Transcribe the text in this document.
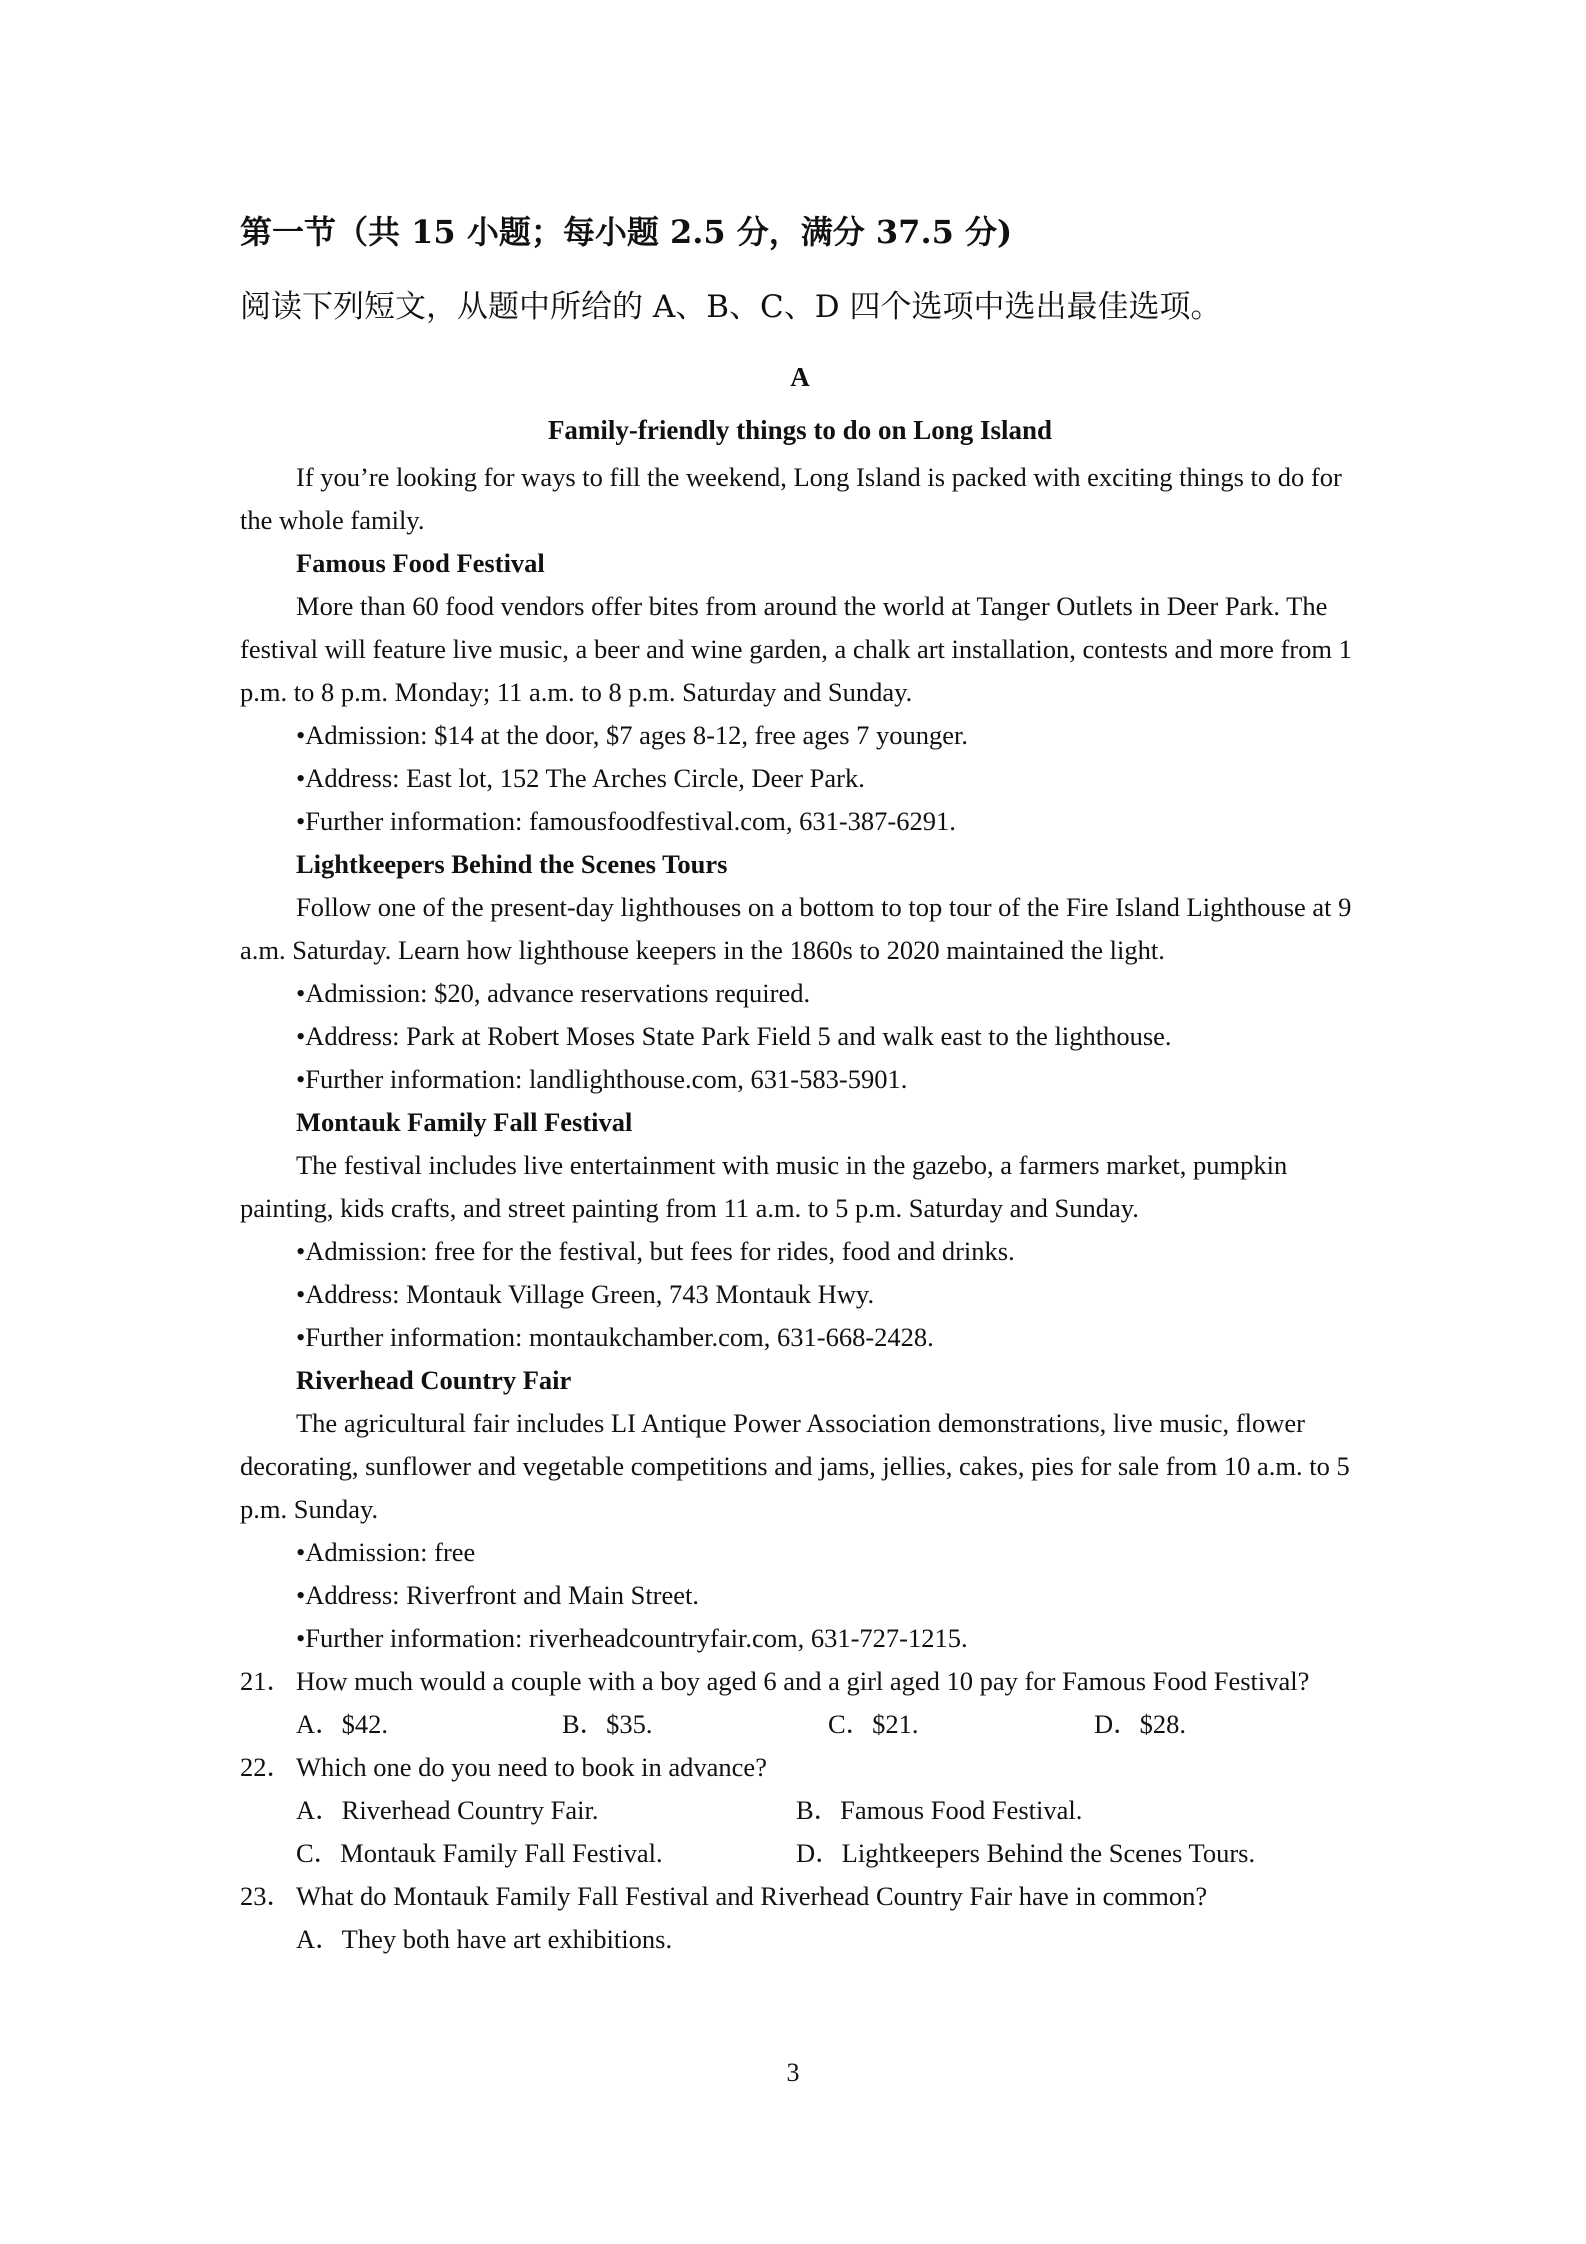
第一节（共 15 小题；每小题 2.5 分，满分 37.5 分)
阅读下列短文，从题中所给的 A、B、C、D 四个选项中选出最佳选项。
A
Family-friendly things to do on Long Island

If you’re looking for ways to fill the weekend, Long Island is packed with exciting things to do for the whole family.

Famous Food Festival

More than 60 food vendors offer bites from around the world at Tanger Outlets in Deer Park. The festival will feature live music, a beer and wine garden, a chalk art installation, contests and more from 1 p.m. to 8 p.m. Monday; 11 a.m. to 8 p.m. Saturday and Sunday.

•Admission: $14 at the door, $7 ages 8-12, free ages 7 younger.
•Address: East lot, 152 The Arches Circle, Deer Park.
•Further information: famousfoodfestival.com, 631-387-6291.
Lightkeepers Behind the Scenes Tours

Follow one of the present-day lighthouses on a bottom to top tour of the Fire Island Lighthouse at 9 a.m. Saturday. Learn how lighthouse keepers in the 1860s to 2020 maintained the light.

•Admission: $20, advance reservations required.
•Address: Park at Robert Moses State Park Field 5 and walk east to the lighthouse.
•Further information: landlighthouse.com, 631-583-5901.
Montauk Family Fall Festival

The festival includes live entertainment with music in the gazebo, a farmers market, pumpkin painting, kids crafts, and street painting from 11 a.m. to 5 p.m. Saturday and Sunday.

•Admission: free for the festival, but fees for rides, food and drinks.
•Address: Montauk Village Green, 743 Montauk Hwy.
•Further information: montaukchamber.com, 631-668-2428.
Riverhead Country Fair

The agricultural fair includes LI Antique Power Association demonstrations, live music, flower decorating, sunflower and vegetable competitions and jams, jellies, cakes, pies for sale from 10 a.m. to 5 p.m. Sunday.

•Admission: free
•Address: Riverfront and Main Street.
•Further information: riverheadcountryfair.com, 631-727-1215.

21． How much would a couple with a boy aged 6 and a girl aged 10 pay for Famous Food Festival?

A．$42.	B．$35.	C．$21.	D．$28.

22． Which one do you need to book in advance?

A．Riverhead Country Fair.	B．Famous Food Festival.
C．Montauk Family Fall Festival.	D．Lightkeepers Behind the Scenes Tours.

23． What do Montauk Family Fall Festival and Riverhead Country Fair have in common?

A．They both have art exhibitions.
3
